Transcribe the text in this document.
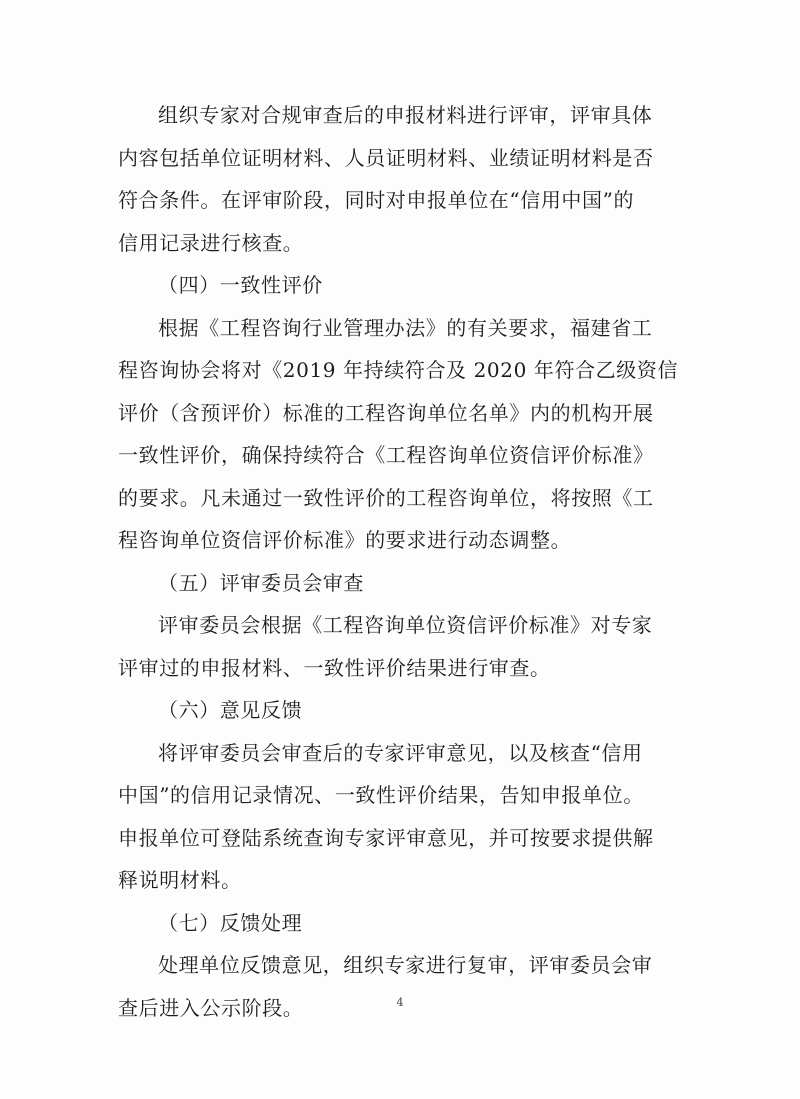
组织专家对合规审查后的申报材料进行评审，评审具体
内容包括单位证明材料、人员证明材料、业绩证明材料是否
符合条件。在评审阶段，同时对申报单位在“信用中国”的
信用记录进行核查。

（四）一致性评价

根据《工程咨询行业管理办法》的有关要求，福建省工
程咨询协会将对《2019 年持续符合及 2020 年符合乙级资信
评价（含预评价）标准的工程咨询单位名单》内的机构开展
一致性评价，确保持续符合《工程咨询单位资信评价标准》
的要求。凡未通过一致性评价的工程咨询单位，将按照《工
程咨询单位资信评价标准》的要求进行动态调整。

（五）评审委员会审查

评审委员会根据《工程咨询单位资信评价标准》对专家
评审过的申报材料、一致性评价结果进行审查。

（六）意见反馈

将评审委员会审查后的专家评审意见，以及核查“信用
中国”的信用记录情况、一致性评价结果，告知申报单位。
申报单位可登陆系统查询专家评审意见，并可按要求提供解
释说明材料。

（七）反馈处理

处理单位反馈意见，组织专家进行复审，评审委员会审
查后进入公示阶段。	4
